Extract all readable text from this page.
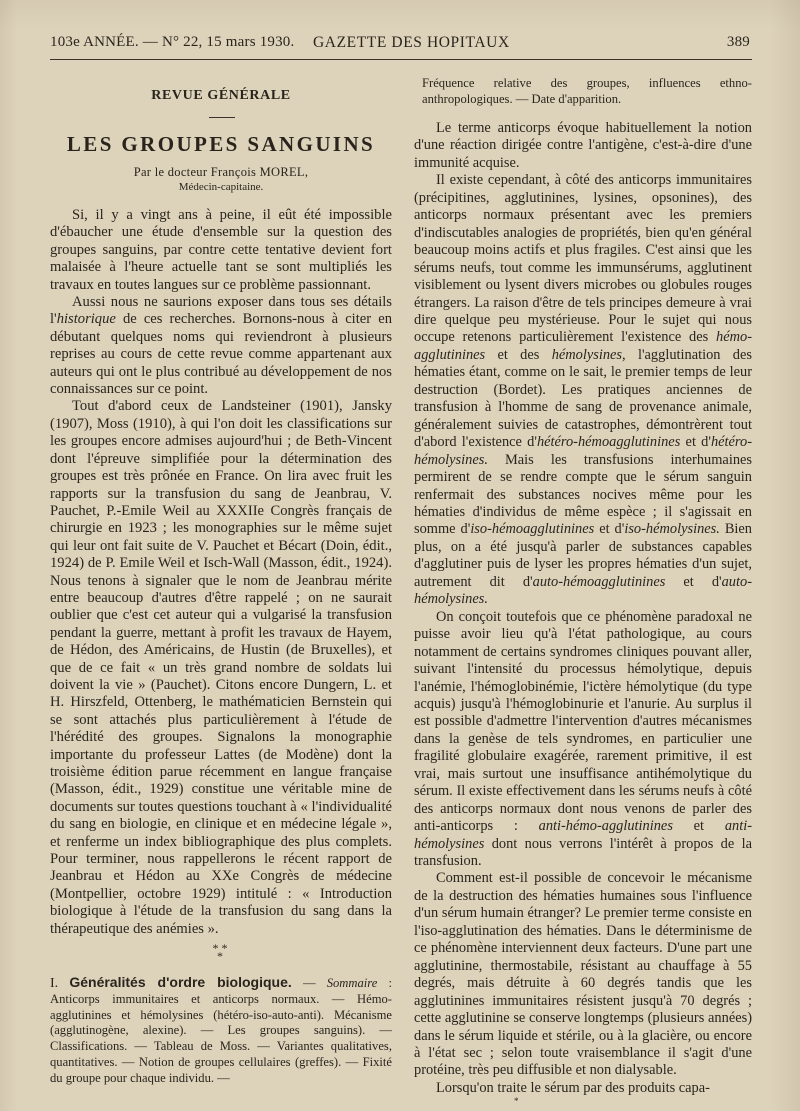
103e ANNÉE. — N° 22, 15 mars 1930. GAZETTE DES HOPITAUX	389
REVUE GÉNÉRALE
LES GROUPES SANGUINS
Par le docteur François MOREL,
Médecin-capitaine.

Si, il y a vingt ans à peine, il eût été impossible d'ébaucher une étude d'ensemble sur la question des groupes sanguins, par contre cette tentative devient fort malaisée à l'heure actuelle tant se sont multipliés les travaux en toutes langues sur ce problème passionnant.

Aussi nous ne saurions exposer dans tous ses détails l'historique de ces recherches. Bornons-nous à citer en débutant quelques noms qui reviendront à plusieurs reprises au cours de cette revue comme appartenant aux auteurs qui ont le plus contribué au développement de nos connaissances sur ce point.

Tout d'abord ceux de Landsteiner (1901), Jansky (1907), Moss (1910), à qui l'on doit les classifications sur les groupes encore admises aujourd'hui ; de Beth-Vincent dont l'épreuve simplifiée pour la détermination des groupes est très prônée en France. On lira avec fruit les rapports sur la transfusion du sang de Jeanbrau, V. Pauchet, P.-Emile Weil au XXXIIe Congrès français de chirurgie en 1923 ; les monographies sur le même sujet qui leur ont fait suite de V. Pauchet et Bécart (Doin, édit., 1924) de P. Emile Weil et Isch-Wall (Masson, édit., 1924). Nous tenons à signaler que le nom de Jeanbrau mérite entre beaucoup d'autres d'être rappelé ; on ne saurait oublier que c'est cet auteur qui a vulgarisé la transfusion pendant la guerre, mettant à profit les travaux de Hayem, de Hédon, des Américains, de Hustin (de Bruxelles), et que de ce fait « un très grand nombre de soldats lui doivent la vie » (Pauchet). Citons encore Dungern, L. et H. Hirszfeld, Ottenberg, le mathématicien Bernstein qui se sont attachés plus particulièrement à l'étude de l'hérédité des groupes. Signalons la monographie importante du professeur Lattes (de Modène) dont la troisième édition parue récemment en langue française (Masson, édit., 1929) constitue une véritable mine de documents sur toutes questions touchant à « l'individualité du sang en biologie, en clinique et en médecine légale », et renferme un index bibliographique des plus complets. Pour terminer, nous rappellerons le récent rapport de Jeanbrau et Hédon au XXe Congrès de médecine (Montpellier, octobre 1929) intitulé : « Introduction biologique à l'étude de la transfusion du sang dans la thérapeutique des anémies ».

* *
*
I. Généralités d'ordre biologique. — Sommaire : Anticorps immunitaires et anticorps normaux. — Hémo-agglutinines et hémolysines (hétéro-iso-auto-anti). Mécanisme (agglutinogène, alexine). — Les groupes sanguins). — Classifications. — Tableau de Moss. — Variantes qualitatives, quantitatives. — Notion de groupes cellulaires (greffes). — Fixité du groupe pour chaque individu. —
Fréquence relative des groupes, influences ethno-anthropologiques. — Date d'apparition.

Le terme anticorps évoque habituellement la notion d'une réaction dirigée contre l'antigène, c'est-à-dire d'une immunité acquise.

Il existe cependant, à côté des anticorps immunitaires (précipitines, agglutinines, lysines, opsonines), des anticorps normaux présentant avec les premiers d'indiscutables analogies de propriétés, bien qu'en général beaucoup moins actifs et plus fragiles. C'est ainsi que les sérums neufs, tout comme les immunsérums, agglutinent visiblement ou lysent divers microbes ou globules rouges étrangers. La raison d'être de tels principes demeure à vrai dire quelque peu mystérieuse. Pour le sujet qui nous occupe retenons particulièrement l'existence des hémo-agglutinines et des hémolysines, l'agglutination des hématies étant, comme on le sait, le premier temps de leur destruction (Bordet). Les pratiques anciennes de transfusion à l'homme de sang de provenance animale, généralement suivies de catastrophes, démontrèrent tout d'abord l'existence d'hétéro-hémoagglutinines et d'hétéro-hémolysines. Mais les transfusions interhumaines permirent de se rendre compte que le sérum sanguin renfermait des substances nocives même pour les hématies d'individus de même espèce ; il s'agissait en somme d'iso-hémoagglutinines et d'iso-hémolysines. Bien plus, on a été jusqu'à parler de substances capables d'agglutiner puis de lyser les propres hématies d'un sujet, autrement dit d'auto-hémoagglutinines et d'auto-hémolysines.

On conçoit toutefois que ce phénomène paradoxal ne puisse avoir lieu qu'à l'état pathologique, au cours notamment de certains syndromes cliniques pouvant aller, suivant l'intensité du processus hémolytique, depuis l'anémie, l'hémoglobinémie, l'ictère hémolytique (du type acquis) jusqu'à l'hémoglobinurie et l'anurie. Au surplus il est possible d'admettre l'intervention d'autres mécanismes dans la genèse de tels syndromes, en particulier une fragilité globulaire exagérée, rarement primitive, il est vrai, mais surtout une insuffisance antihémolytique du sérum. Il existe effectivement dans les sérums neufs à côté des anticorps normaux dont nous venons de parler des anti-anticorps : anti-hémo-agglutinines et anti-hémolysines dont nous verrons l'intérêt à propos de la transfusion.

Comment est-il possible de concevoir le mécanisme de la destruction des hématies humaines sous l'influence d'un sérum humain étranger? Le premier terme consiste en l'iso-agglutination des hématies. Dans le déterminisme de ce phénomène interviennent deux facteurs. D'une part une agglutinine, thermostabile, résistant au chauffage à 55 degrés, mais détruite à 60 degrés tandis que les agglutinines immunitaires résistent jusqu'à 70 degrés ; cette agglutinine se conserve longtemps (plusieurs années) dans le sérum liquide et stérile, ou à la glacière, ou encore à l'état sec ; selon toute vraisemblance il s'agit d'une protéine, très peu diffusible et non dialysable.

Lorsqu'on traite le sérum par des produits capa-

*
